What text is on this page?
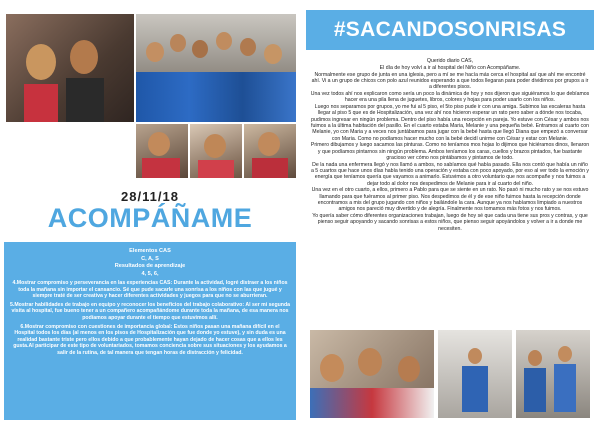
28/11/18
ACOMPÁÑAME
Elementos CAS
C, A, S
Resultados de aprendizaje
4, 5, 6,
4.Mostrar compromiso y perseverancia en las experiencias CAS: Durante la actividad, logré distraer a los niños toda la mañana sin importar el cansancio. Sé que pude sacarle una sonrisa a los niños con las que jugué y siempre traté de ser creativa y hacer diferentes actividades y juegos para que no se aburrieran.
5.Mostrar habilidades de trabajo en equipo y reconocer los beneficios del trabajo colaborativo: Al ser mi segunda visita al hospital, fue bueno tener a un compañero acompañándome durante toda la mañana, de esa manera nos podíamos apoyar durante el tiempo que estuvimos allí.
6.Mostrar compromiso con cuestiones de importancia global: Estos niños pasan una mañana difícil en el Hospital todos los días (al menos en los pisos de Hospitalización que fue donde yo estuve), y sin duda es una realidad bastante triste pero ellos debido a que probablemente hayan dejado de hacer cosas que a ellos les gusta.Al participar de este tipo de voluntariados, tomamos conciencia sobre sus situaciones y los ayudamos a salir de la rutina, de tal manera que tengan horas de distracción y felicidad.
#SACANDOSONRISAS

Querido diario CAS,

El día de hoy volví a ir al hospital del Niño con Acompáñame.

Normalmente ese grupo de junta en una iglesia, pero a mí se me hacía más cerca el hospital así que ahí me encontré ahí. Vi a un grupo de chicos con polo azul reunidos esperando a que todos llegaran para poder dividirnos por grupos a ir a diferentes pisos.

Una vez todos ahí nos explicaron como sería un poco la dinámica de hoy y nos dijeron que siguiéramos lo que debíamos hacer era una pila llena de juguetes, libros, colores y hojas para poder usarlo con los niños.

Luego nos separamos por grupos, yo me fui al 5 piso, el 5to piso pude ir con una amiga. Subimos las escaleras hasta llegar al piso 5 que es de Hospitalización, una vez ahí nos hicieron esperar un rato pero saber a dónde nos tocaba, pudimos ingresar en ningún problema. Dentro del piso había una recepción en pareja. Yo estuve con César y ambos nos fuimos a la última habitación del pasillo. En el cuarto estaba Maria, Melanie y una pequeña bebé. Entramos al cuarto con Melanie, yo con Maria y a veces nos juntábamos para jugar con la bebé hasta que llegó Diana que empezó a conversar con Maria. Como no podíamos hacer mucho con la bebé decidí unirme con César y estar con Melanie.

Primero dibujamos y luego sacamos las pinturas. Como no teníamos mos hojas lo dijimos que hiciéramos dinos, llenaron y que podíamos pintarnos sin ningún problema. Ambos teníamos los caras, cuellos y brazos pintados, fue bastante gracioso ver cómo nos pintábamos y pintamos de todo.

De la nada una enfermera llegó y nos llamó a ambos, no sabíamos qué había pasado. Ella nos contó que había un niño a 5 cuartos que hace unos días había tenido una operación y estaba con poco apoyado, por eso al ver todo la emoción y energía que teníamos quería que vayamos a animarlo. Estuvimos a otro voluntario que nos acompañe y nos fuimos a dejar todo al dolor nos despedimos de Melanie para ir al cuarto del niño.

Una vez en el otro cuarto, a ellos, primero a Pablo para que se siente en un rato. No pasó ni mucho rato y se nos estuvo llamando para que fuéramos al primer piso. Nos despedimos de él y de ese niño fuimos hasta la recepción donde encontramos a mis del grupo jugando con niños y bailándole la cara. Aunque ya nos habíamos limpiado a nuestros amigos nos pareció muy divertido y de alegría. Finalmente nos tomamos más fotos y nos fuimos.

Yo quería saber cómo diferentes organizaciones trabajan, luego de hoy sé que cada una tiene sus pros y contras, y que pienso seguir apoyando y sacando sonrisas a estos niños, que pienso seguir apoyándolos y volver a ir a donde me necesiten.
